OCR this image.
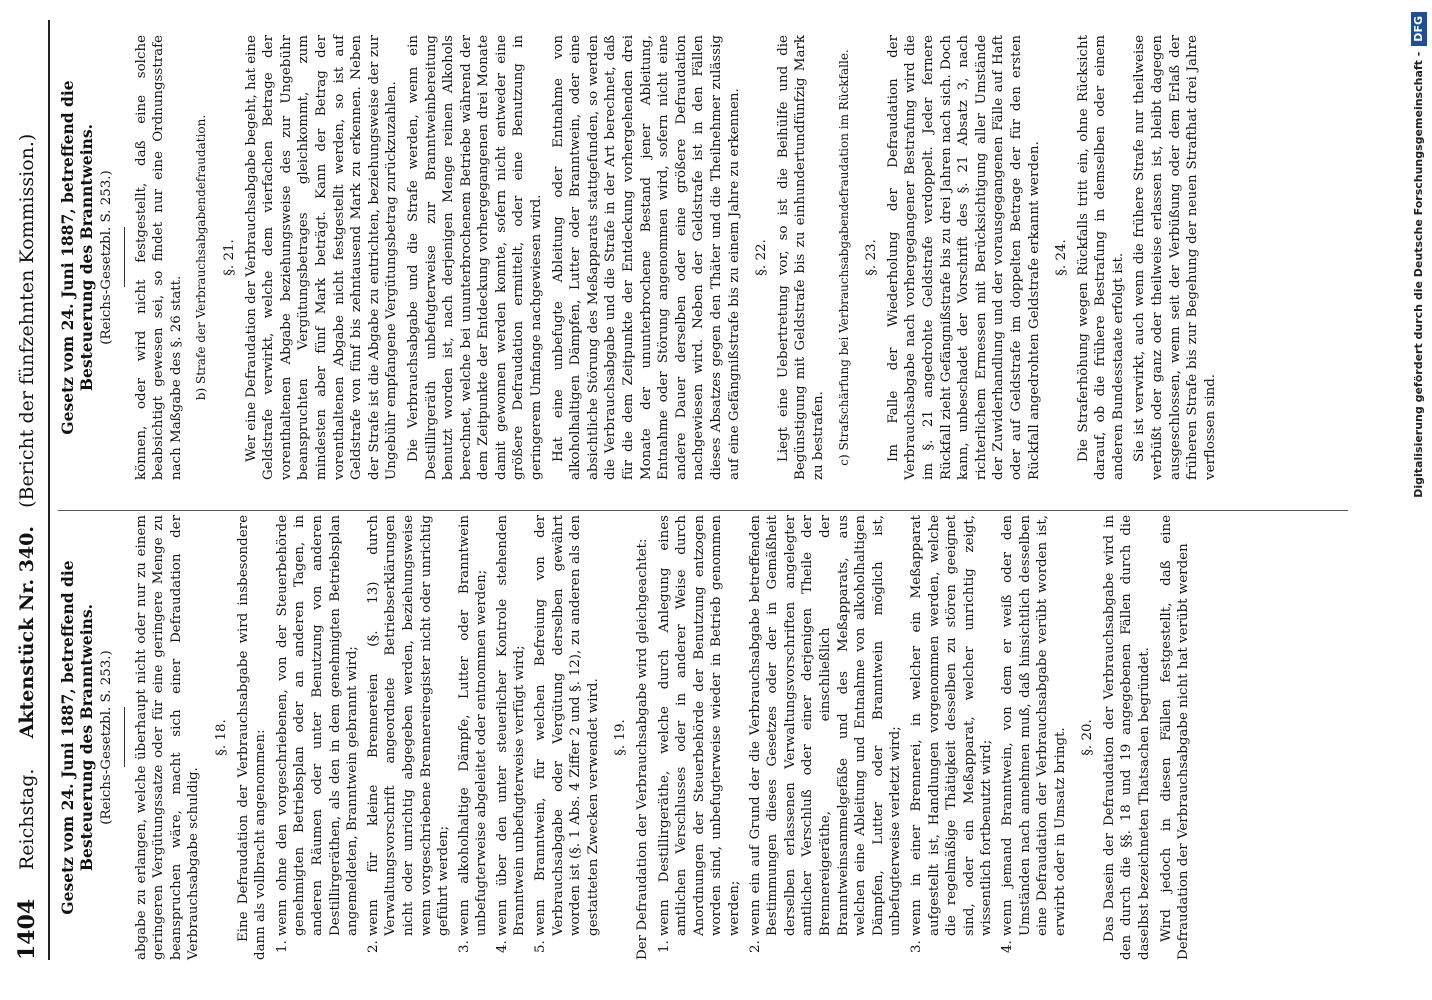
1404
Reichstag.     Aktenstück Nr. 340.   (Bericht der fünfzehnten Kommission.)
Gesetz vom 24. Juni 1887, betreffend die Besteuerung des Branntweins. (Reichs-Gesetzbl. S. 253.) abgabe zu erlangen, welche überhaupt nicht oder nur zu einem geringeren Vergütungssatze oder für eine geringere Menge zu beanspruchen wäre, macht sich einer Defraudation der Verbrauchsabgabe schuldig.

§. 18. Eine Defraudation der Verbrauchsabgabe wird insbesondere dann als vollbracht angenommen: 1. wenn ohne den vorgeschriebenen, von der Steuerbehörde genehmigten Betriebsplan oder an anderen Tagen, in anderen Räumen oder unter Benutzung von anderen Destillirgeräthen, als den in dem genehmigten Betriebsplan angemeldeten, Branntwein gebrannt wird; 2. wenn für kleine Brennereien (§. 13) durch Verwaltungsvorschrift angeordnete Betriebserklärungen nicht oder unrichtig abgegeben werden, beziehungsweise wenn vorgeschriebene Brennereiregister nicht oder unrichtig geführt werden; 3. wenn alkoholhaltige Dämpfe, Lutter oder Branntwein unbefugterweise abgeleitet oder entnommen werden; 4. wenn über den unter steuerlicher Kontrole stehenden Branntwein unbefugterweise verfügt wird; 5. wenn Branntwein, für welchen Befreiung von der Verbrauchsabgabe oder Vergütung derselben gewährt worden ist (§. 1 Abs. 4 Ziffer 2 und §. 12), zu anderen als den gestatteten Zwecken verwendet wird. §. 19. Der Defraudation der Verbrauchsabgabe wird gleichgeachtet: 1. wenn Destillirgeräthe, welche durch Anlegung eines amtlichen Verschlusses oder in anderer Weise durch Anordnungen der Steuerbehörde der Benutzung entzogen worden sind, unbefugterweise wieder in Betrieb genommen werden; 2. wenn ein auf Grund der die Verbrauchsabgabe betreffenden Bestimmungen dieses Gesetzes oder der in Gemäßheit derselben erlassenen Verwaltungsvorschriften angelegter amtlicher Verschluß oder einer derjenigen Theile der Brennereigeräthe, einschließlich der Branntweinsammelgefäße und des Meßapparats, aus welchen eine Ableitung und Entnahme von alkoholhaltigen Dämpfen, Lutter oder Branntwein möglich ist, unbefugterweise verletzt wird; 3. wenn in einer Brennerei, in welcher ein Meßapparat aufgestellt ist, Handlungen vorgenommen werden, welche die regelmäßige Thätigkeit desselben zu stören geeignet sind, oder ein Meßapparat, welcher unrichtig zeigt, wissentlich fortbenutzt wird; 4. wenn jemand Branntwein, von dem er weiß oder den Umständen nach annehmen muß, daß hinsichtlich desselben eine Defraudation der Verbrauchsabgabe verübt worden ist, erwirbt oder in Umsatz bringt. §. 20. Das Dasein der Defraudation der Verbrauchsabgabe wird in den durch die §§. 18 und 19 angegebenen Fällen durch die daselbst bezeichneten Thatsachen begründet. Wird jedoch in diesen Fällen festgestellt, daß eine Defraudation der Verbrauchsabgabe nicht hat verübt werden

Gesetz vom 24. Juni 1887, betreffend die Besteuerung des Branntweins. (Reichs-Gesetzbl. S. 253.) können, oder wird nicht festgestellt, daß eine solche beabsichtigt gewesen sei, so findet nur eine Ordnungsstrafe nach Maßgabe des §. 26 statt. b) Strafe der Verbrauchsabgabendefraudation. §. 21. Wer eine Defraudation der Verbrauchsabgabe begeht, hat eine Geldstrafe verwirkt, welche dem vierfachen Betrage der vorenthaltenen Abgabe beziehungsweise des zur Ungebühr beanspruchten Vergütungsbetrages gleichkommt, zum mindesten aber fünf Mark beträgt. Kann der Betrag der vorenthaltenen Abgabe nicht festgestellt werden, so ist auf Geldstrafe von fünf bis zehntausend Mark zu erkennen. Neben der Strafe ist die Abgabe zu entrichten, beziehungsweise der zur Ungebühr empfangene Vergütungsbetrag zurückzuzahlen. Die Verbrauchsabgabe und die Strafe werden, wenn ein Destillirgeräth unbefugterweise zur Branntweinbereitung benutzt worden ist, nach derjenigen Menge reinen Alkohols berechnet, welche bei ununterbrochenem Betriebe während der dem Zeitpunkte der Entdeckung vorhergegangenen drei Monate damit gewonnen werden konnte, sofern nicht entweder eine größere Defraudation ermittelt, oder eine Benutzung in geringerem Umfange nachgewiesen wird. Hat eine unbefugte Ableitung oder Entnahme von alkoholhaltigen Dämpfen, Lutter oder Branntwein, oder eine absichtliche Störung des Meßapparats stattgefunden, so werden die Verbrauchsabgabe und die Strafe in der Art berechnet, daß für die dem Zeitpunkte der Entdeckung vorhergehenden drei Monate der ununterbrochene Bestand jener Ableitung, Entnahme oder Störung angenommen wird, sofern nicht eine andere Dauer derselben oder eine größere Defraudation nachgewiesen wird. Neben der Geldstrafe ist in den Fällen dieses Absatzes gegen den Thäter und die Theilnehmer zulässig auf eine Gefängnißstrafe bis zu einem Jahre zu erkennen. §. 22. Liegt eine Uebertretung vor, so ist die Beihülfe und die Begünstigung mit Geldstrafe bis zu einhundertundfünfzig Mark zu bestrafen. c) Strafschärfung bei Verbrauchsabgabendefraudation im Rückfalle. §. 23. Im Falle der Wiederholung der Defraudation der Verbrauchsabgabe nach vorhergegangener Bestrafung wird die im §. 21 angedrohte Geldstrafe verdoppelt. Jeder fernere Rückfall zieht Gefängnißstrafe bis zu drei Jahren nach sich. Doch kann, unbeschadet der Vorschrift des §. 21 Absatz 3, nach richterlichem Ermessen mit Berücksichtigung aller Umstände der Zuwiderhandlung und der vorausgegangenen Fälle auf Haft oder auf Geldstrafe im doppelten Betrage der für den ersten Rückfall angedrohten Geldstrafe erkannt werden. §. 24. Die Straferhöhung wegen Rückfalls tritt ein, ohne Rücksicht darauf, ob die frühere Bestrafung in demselben oder einem anderen Bundesstaate erfolgt ist. Sie ist verwirkt, auch wenn die frühere Strafe nur theilweise verbüßt oder ganz oder theilweise erlassen ist, bleibt dagegen ausgeschlossen, wenn seit der Verbüßung oder dem Erlaß der früheren Strafe bis zur Begehung der neuen Strafthat drei Jahre verflossen sind.	Digitalisierung gefördert durch die Deutsche Forschungsgemeinschaft -DFG
